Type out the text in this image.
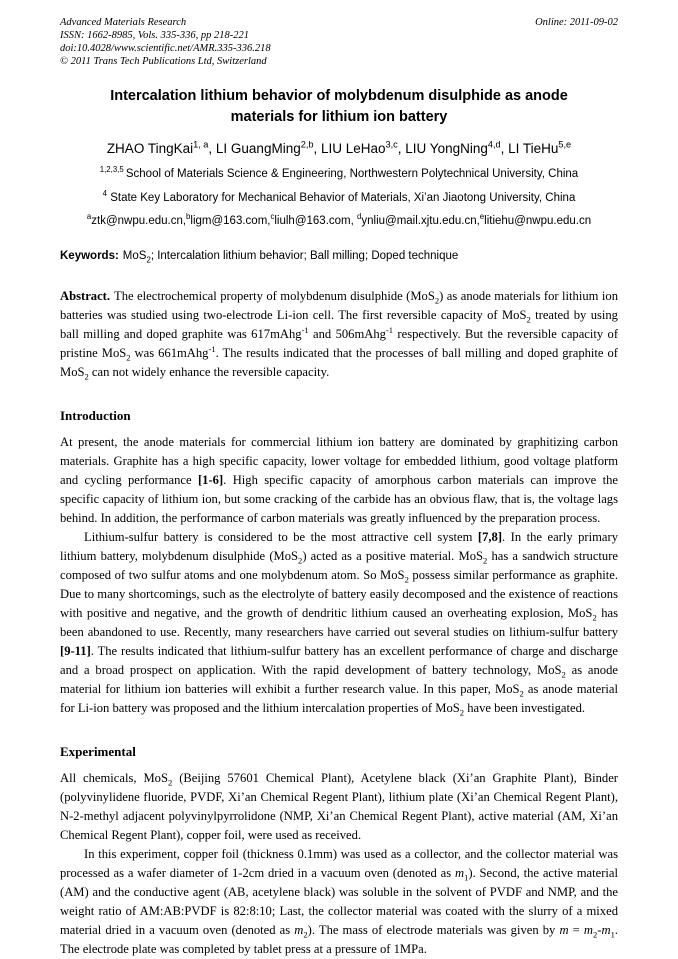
Advanced Materials Research
ISSN: 1662-8985, Vols. 335-336, pp 218-221
doi:10.4028/www.scientific.net/AMR.335-336.218
© 2011 Trans Tech Publications Ltd, Switzerland
Online: 2011-09-02
Intercalation lithium behavior of molybdenum disulphide as anode materials for lithium ion battery

ZHAO TingKai$^{1, a}$, LI GuangMing$^{2,b}$, LIU LeHao$^{3,c}$, LIU YongNing$^{4,d}$, LI TieHu$^{5,e}$

$^{1,2,3,5}$ School of Materials Science & Engineering, Northwestern Polytechnical University, China

$^4$ State Key Laboratory for Mechanical Behavior of Materials, Xi’an Jiaotong University, China

$^a$ztk@nwpu.edu.cn,$^b$ligm@163.com,$^c$liulh@163.com, $^d$ynliu@mail.xjtu.edu.cn,$^e$litiehu@nwpu.edu.cn

Keywords: MoS$_2$; Intercalation lithium behavior; Ball milling; Doped technique

Abstract. The electrochemical property of molybdenum disulphide (MoS$_2$) as anode materials for lithium ion batteries was studied using two-electrode Li-ion cell. The first reversible capacity of MoS$_2$ treated by using ball milling and doped graphite was 617mAhg$^{-1}$ and 506mAhg$^{-1}$ respectively. But the reversible capacity of pristine MoS$_2$ was 661mAhg$^{-1}$. The results indicated that the processes of ball milling and doped graphite of MoS$_2$ can not widely enhance the reversible capacity.

Introduction

At present, the anode materials for commercial lithium ion battery are dominated by graphitizing carbon materials. Graphite has a high specific capacity, lower voltage for embedded lithium, good voltage platform and cycling performance [1-6]. High specific capacity of amorphous carbon materials can improve the specific capacity of lithium ion, but some cracking of the carbide has an obvious flaw, that is, the voltage lags behind. In addition, the performance of carbon materials was greatly influenced by the preparation process.

Lithium-sulfur battery is considered to be the most attractive cell system [7,8]. In the early primary lithium battery, molybdenum disulphide (MoS$_2$) acted as a positive material. MoS$_2$ has a sandwich structure composed of two sulfur atoms and one molybdenum atom. So MoS$_2$ possess similar performance as graphite. Due to many shortcomings, such as the electrolyte of battery easily decomposed and the existence of reactions with positive and negative, and the growth of dendritic lithium caused an overheating explosion, MoS$_2$ has been abandoned to use. Recently, many researchers have carried out several studies on lithium-sulfur battery [9-11]. The results indicated that lithium-sulfur battery has an excellent performance of charge and discharge and a broad prospect on application. With the rapid development of battery technology, MoS$_2$ as anode material for lithium ion batteries will exhibit a further research value. In this paper, MoS$_2$ as anode material for Li-ion battery was proposed and the lithium intercalation properties of MoS$_2$ have been investigated.

Experimental

All chemicals, MoS$_2$ (Beijing 57601 Chemical Plant), Acetylene black (Xi’an Graphite Plant), Binder (polyvinylidene fluoride, PVDF, Xi’an Chemical Regent Plant), lithium plate (Xi’an Chemical Regent Plant), N-2-methyl adjacent polyvinylpyrrolidone (NMP, Xi’an Chemical Regent Plant), active material (AM, Xi’an Chemical Regent Plant), copper foil, were used as received.

In this experiment, copper foil (thickness 0.1mm) was used as a collector, and the collector material was processed as a wafer diameter of 1-2cm dried in a vacuum oven (denoted as $m_1$). Second, the active material (AM) and the conductive agent (AB, acetylene black) was soluble in the solvent of PVDF and NMP, and the weight ratio of AM:AB:PVDF is 82:8:10; Last, the collector material was coated with the slurry of a mixed material dried in a vacuum oven (denoted as $m_2$). The mass of electrode materials was given by $m = m_2-m_1$. The electrode plate was completed by tablet press at a pressure of 1MPa.
